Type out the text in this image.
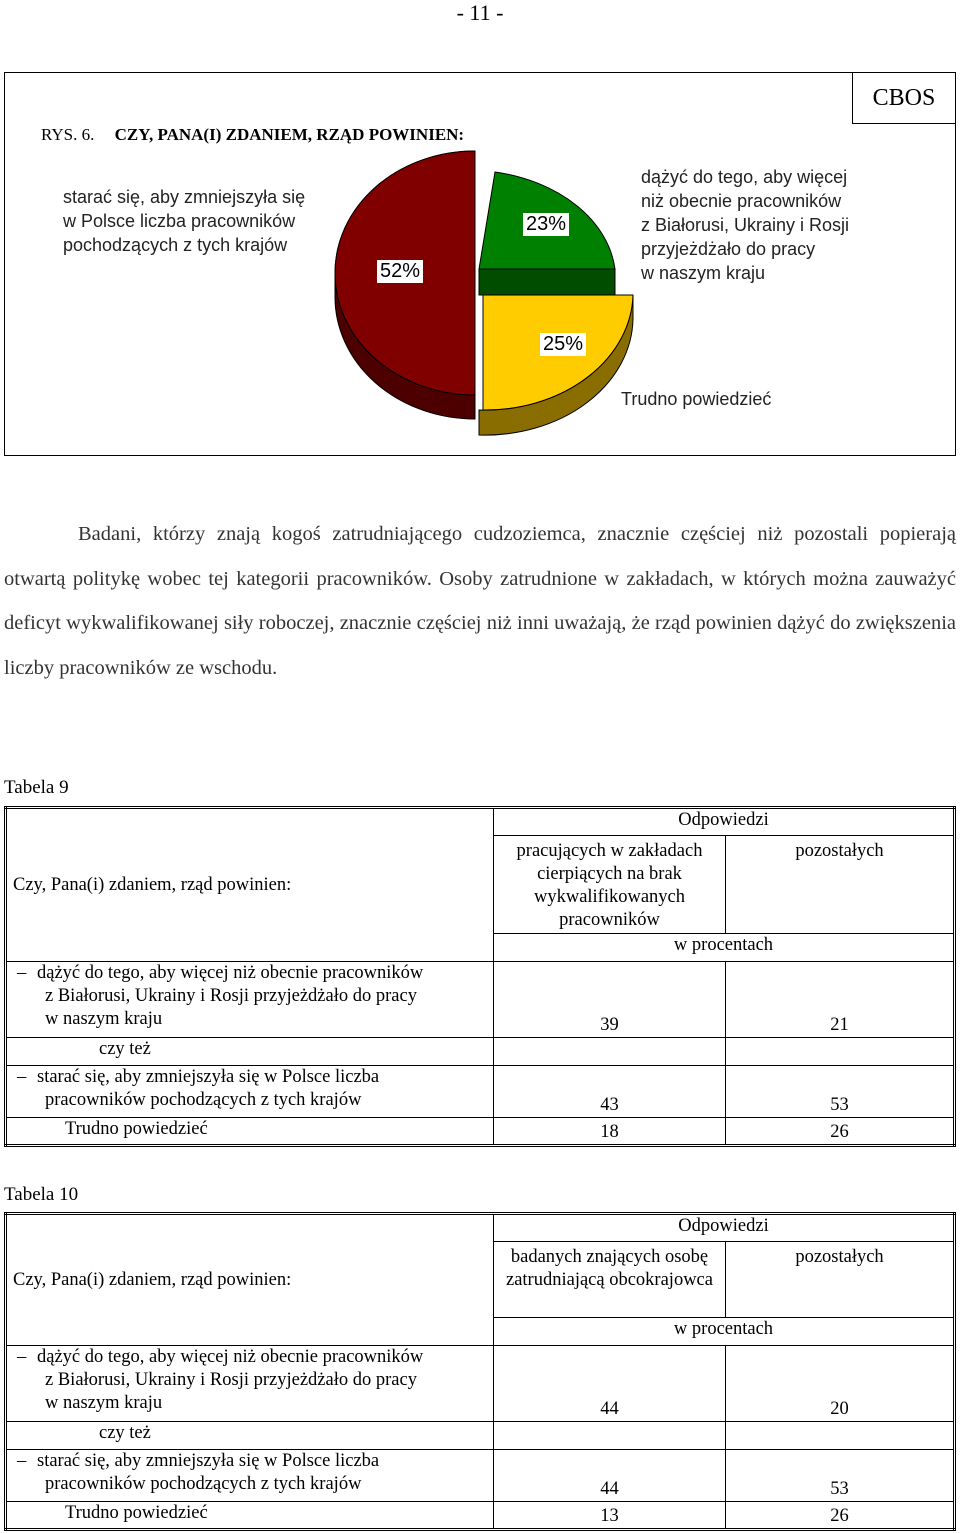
- 11 -
CBOS
RYS. 6. CZY, PANA(I) ZDANIEM, RZĄD POWINIEN:
starać się, aby zmniejszyła się
w Polsce liczba pracowników
pochodzących z tych krajów
dążyć do tego, aby więcej
niż obecnie pracowników
z Białorusi, Ukrainy i Rosji
przyjeżdżało do pracy
w naszym kraju
Trudno powiedzieć
52%
23%
25%
Badani, którzy znają kogoś zatrudniającego cudzoziemca, znacznie częściej niż pozostali popierają otwartą politykę wobec tej kategorii pracowników. Osoby zatrudnione w zakładach, w których można zauważyć deficyt wykwalifikowanej siły roboczej, znacznie częściej niż inni uważają, że rząd powinien dążyć do zwiększenia liczby pracowników ze wschodu.
Tabela 9
Czy, Pana(i) zdaniem, rząd powinien:	Odpowiedzi	
	pracujących w zakładach cierpiących na brak wykwalifikowanych pracowników	pozostałych
	w procentach	
– dążyć do tego, aby więcej niż obecnie pracowników
z Białorusi, Ukrainy i Rosji przyjeżdżało do pracy
w naszym kraju	39	21
czy też		
– starać się, aby zmniejszyła się w Polsce liczba
pracowników pochodzących z tych krajów	43	53
Trudno powiedzieć	18	26
Tabela 10
Czy, Pana(i) zdaniem, rząd powinien:	Odpowiedzi	
	badanych znających osobę zatrudniającą obcokrajowca	pozostałych
	w procentach	
– dążyć do tego, aby więcej niż obecnie pracowników
z Białorusi, Ukrainy i Rosji przyjeżdżało do pracy
w naszym kraju	44	20
czy też		
– starać się, aby zmniejszyła się w Polsce liczba
pracowników pochodzących z tych krajów	44	53
Trudno powiedzieć	13	26
